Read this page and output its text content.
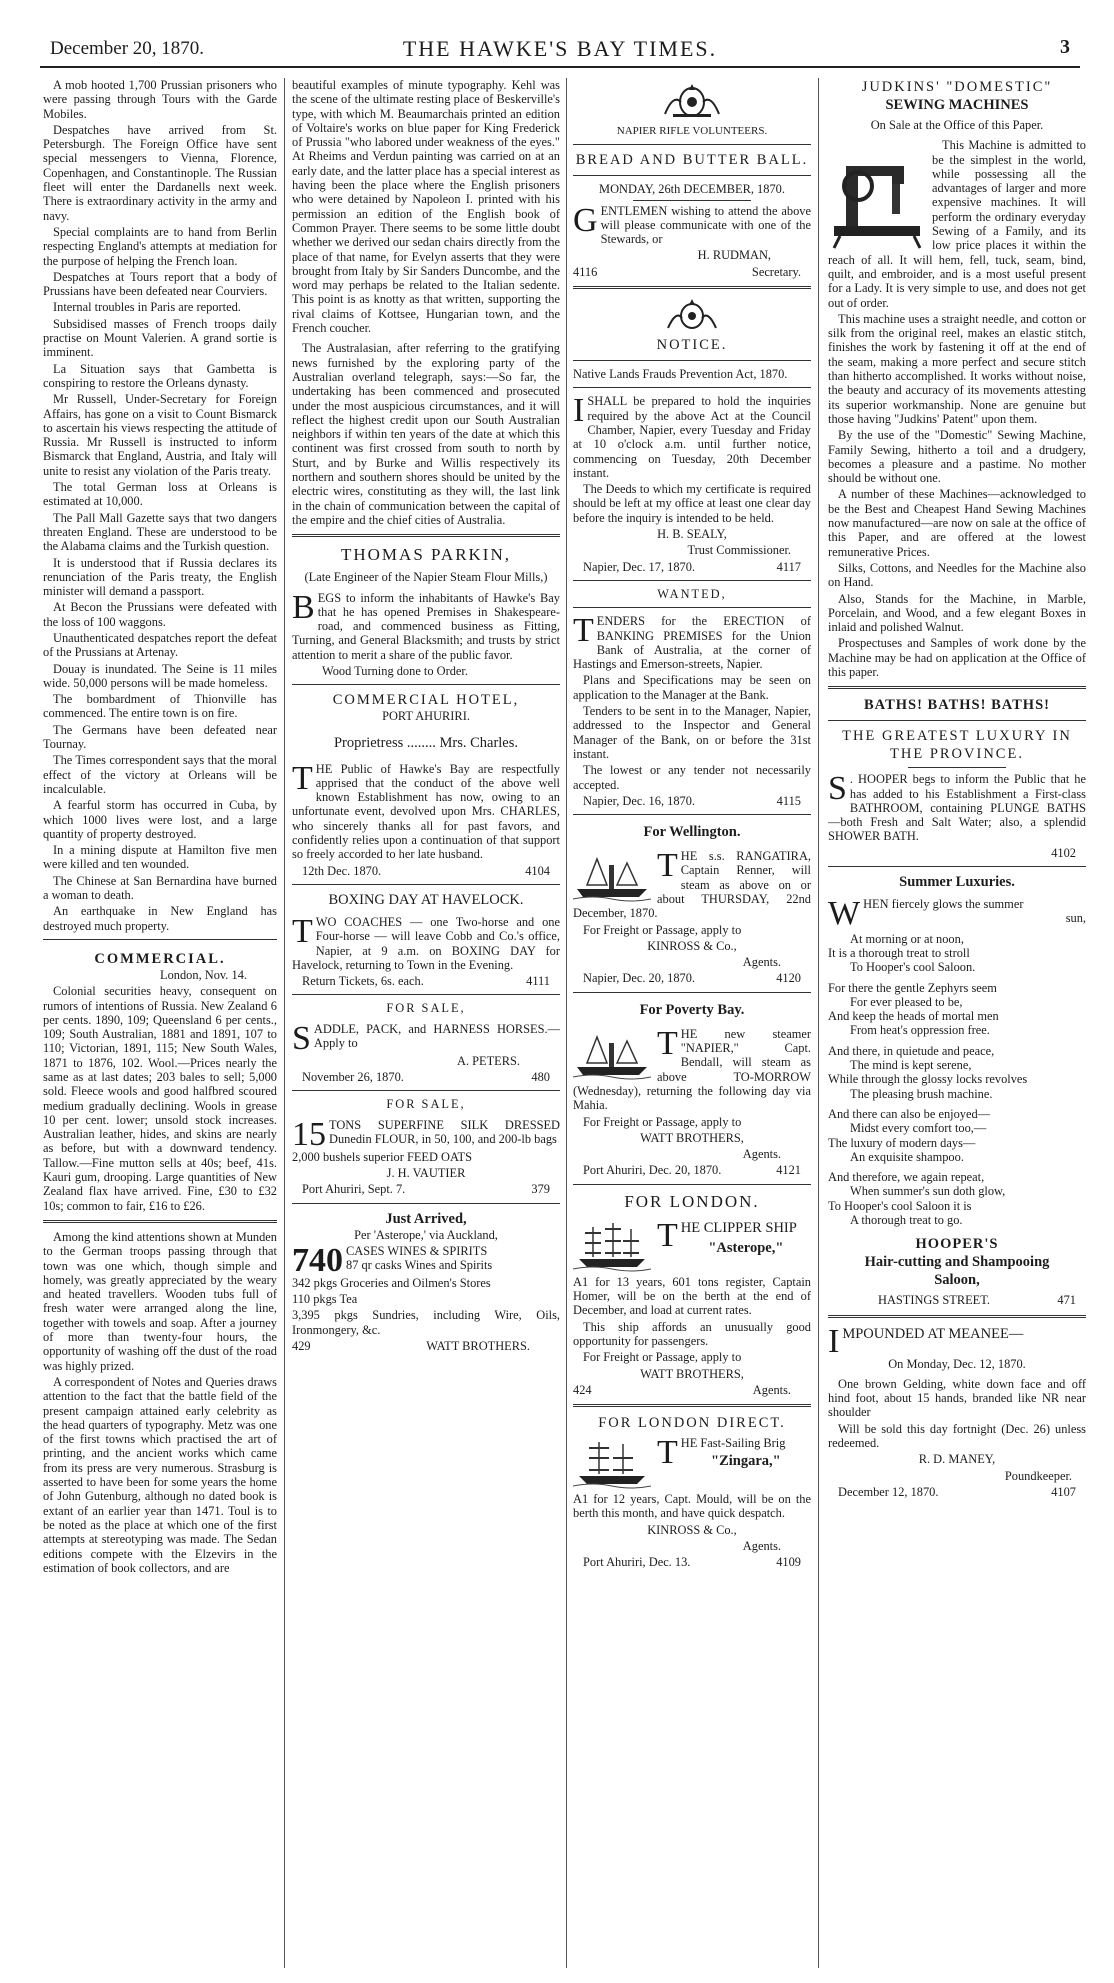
December 20, 1870.	THE HAWKE'S BAY TIMES.	3

A mob hooted 1,700 Prussian prisoners who were passing through Tours with the Garde Mobiles.

Despatches have arrived from St. Petersburgh. The Foreign Office have sent special messengers to Vienna, Florence, Copenhagen, and Constantinople. The Russian fleet will enter the Dardanells next week. There is extraordinary activity in the army and navy.

Special complaints are to hand from Berlin respecting England's attempts at mediation for the purpose of helping the French loan.

Despatches at Tours report that a body of Prussians have been defeated near Courviers.

Internal troubles in Paris are reported.

Subsidised masses of French troops daily practise on Mount Valerien. A grand sortie is imminent.

La Situation says that Gambetta is conspiring to restore the Orleans dynasty.

Mr Russell, Under-Secretary for Foreign Affairs, has gone on a visit to Count Bismarck to ascertain his views respecting the attitude of Russia. Mr Russell is instructed to inform Bismarck that England, Austria, and Italy will unite to resist any violation of the Paris treaty.

The total German loss at Orleans is estimated at 10,000.

The Pall Mall Gazette says that two dangers threaten England. These are understood to be the Alabama claims and the Turkish question.

It is understood that if Russia declares its renunciation of the Paris treaty, the English minister will demand a passport.

At Becon the Prussians were defeated with the loss of 100 waggons.

Unauthenticated despatches report the defeat of the Prussians at Artenay.

Douay is inundated. The Seine is 11 miles wide. 50,000 persons will be made homeless.

The bombardment of Thionville has commenced. The entire town is on fire.

The Germans have been defeated near Tournay.

The Times correspondent says that the moral effect of the victory at Orleans will be incalculable.

A fearful storm has occurred in Cuba, by which 1000 lives were lost, and a large quantity of property destroyed.

In a mining dispute at Hamilton five men were killed and ten wounded.

The Chinese at San Bernardina have burned a woman to death.

An earthquake in New England has destroyed much property.

COMMERCIAL.

London, Nov. 14.

Colonial securities heavy, consequent on rumors of intentions of Russia. New Zealand 6 per cents. 1890, 109; Queensland 6 per cents., 109; South Australian, 1881 and 1891, 107 to 110; Victorian, 1891, 115; New South Wales, 1871 to 1876, 102. Wool.—Prices nearly the same as at last dates; 203 bales to sell; 5,000 sold. Fleece wools and good halfbred scoured medium gradually declining. Wools in grease 10 per cent. lower; unsold stock increases. Australian leather, hides, and skins are nearly as before, but with a downward tendency. Tallow.—Fine mutton sells at 40s; beef, 41s. Kauri gum, drooping. Large quantities of New Zealand flax have arrived. Fine, £30 to £32 10s; common to fair, £16 to £26.

Among the kind attentions shown at Munden to the German troops passing through that town was one which, though simple and homely, was greatly appreciated by the weary and heated travellers. Wooden tubs full of fresh water were arranged along the line, together with towels and soap. After a journey of more than twenty-four hours, the opportunity of washing off the dust of the road was highly prized.

A correspondent of Notes and Queries draws attention to the fact that the battle field of the present campaign attained early celebrity as the head quarters of typography. Metz was one of the first towns which practised the art of printing, and the ancient works which came from its press are very numerous. Strasburg is asserted to have been for some years the home of John Gutenburg, although no dated book is extant of an earlier year than 1471. Toul is to be noted as the place at which one of the first attempts at stereotyping was made. The Sedan editions compete with the Elzevirs in the estimation of book collectors, and are

beautiful examples of minute typography. Kehl was the scene of the ultimate resting place of Beskerville's type, with which M. Beaumarchais printed an edition of Voltaire's works on blue paper for King Frederick of Prussia "who labored under weakness of the eyes." At Rheims and Verdun painting was carried on at an early date, and the latter place has a special interest as having been the place where the English prisoners who were detained by Napoleon I. printed with his permission an edition of the English book of Common Prayer. There seems to be some little doubt whether we derived our sedan chairs directly from the place of that name, for Evelyn asserts that they were brought from Italy by Sir Sanders Duncombe, and the word may perhaps be related to the Italian sedente. This point is as knotty as that written, supporting the rival claims of Kottsee, Hungarian town, and the French coucher.

The Australasian, after referring to the gratifying news furnished by the exploring party of the Australian overland telegraph, says:—So far, the undertaking has been commenced and prosecuted under the most auspicious circumstances, and it will reflect the highest credit upon our South Australian neighbors if within ten years of the date at which this continent was first crossed from south to north by Sturt, and by Burke and Willis respectively its northern and southern shores should be united by the electric wires, constituting as they will, the last link in the chain of communication between the capital of the empire and the chief cities of Australia.

THOMAS PARKIN,

(Late Engineer of the Napier Steam Flour Mills,)

BEGS to inform the inhabitants of Hawke's Bay that he has opened Premises in Shakespeare-road, and commenced business as Fitting, Turning, and General Blacksmith; and trusts by strict attention to merit a share of the public favor.

Wood Turning done to Order.

COMMERCIAL HOTEL,

PORT AHURIRI.

Proprietress ........ Mrs. Charles.

THE Public of Hawke's Bay are respectfully apprised that the conduct of the above well known Establishment has now, owing to an unfortunate event, devolved upon Mrs. CHARLES, who sincerely thanks all for past favors, and confidently relies upon a continuation of that support so freely accorded to her late husband.

12th Dec. 1870.	4104
BOXING DAY AT HAVELOCK.

TWO COACHES — one Two-horse and one Four-horse — will leave Cobb and Co.'s office, Napier, at 9 a.m. on BOXING DAY for Havelock, returning to Town in the Evening.

Return Tickets, 6s. each.	4111
FOR SALE,

SADDLE, PACK, and HARNESS HORSES.—Apply to

A. PETERS.

November 26, 1870.	480
FOR SALE,

15 TONS SUPERFINE SILK DRESSED Dunedin FLOUR, in 50, 100, and 200-lb bags

2,000 bushels superior FEED OATS

J. H. VAUTIER

Port Ahuriri, Sept. 7.	379
Just Arrived,

Per 'Asterope,' via Auckland,

740 CASES WINES & SPIRITS
87 qr casks Wines and Spirits

342 pkgs Groceries and Oilmen's Stores

110 pkgs Tea

3,395 pkgs Sundries, including Wire, Oils, Ironmongery, &c.

429	WATT BROTHERS.

NAPIER RIFLE VOLUNTEERS.

BREAD AND BUTTER BALL.

MONDAY, 26th DECEMBER, 1870.

GENTLEMEN wishing to attend the above will please communicate with one of the Stewards, or

H. RUDMAN,

4116	Secretary.
NOTICE.

Native Lands Frauds Prevention Act, 1870.

ISHALL be prepared to hold the inquiries required by the above Act at the Council Chamber, Napier, every Tuesday and Friday at 10 o'clock a.m. until further notice, commencing on Tuesday, 20th December instant.

The Deeds to which my certificate is required should be left at my office at least one clear day before the inquiry is intended to be held.

H. B. SEALY,

Trust Commissioner.

Napier, Dec. 17, 1870.	4117
WANTED,

TENDERS for the ERECTION of BANKING PREMISES for the Union Bank of Australia, at the corner of Hastings and Emerson-streets, Napier.

Plans and Specifications may be seen on application to the Manager at the Bank.

Tenders to be sent in to the Manager, Napier, addressed to the Inspector and General Manager of the Bank, on or before the 31st instant.

The lowest or any tender not necessarily accepted.

Napier, Dec. 16, 1870.	4115
For Wellington.

THE s.s. RANGATIRA, Captain Renner, will steam as above on or about THURSDAY, 22nd December, 1870.

For Freight or Passage, apply to

KINROSS & Co.,

Agents.

Napier, Dec. 20, 1870.	4120
For Poverty Bay.

THE new steamer "NAPIER," Capt. Bendall, will steam as above TO-MORROW (Wednesday), returning the following day via Mahia.

For Freight or Passage, apply to

WATT BROTHERS,

Agents.

Port Ahuriri, Dec. 20, 1870.	4121
FOR LONDON.

THE CLIPPER SHIP

"Asterope,"

A1 for 13 years, 601 tons register, Captain Homer, will be on the berth at the end of December, and load at current rates.

This ship affords an unusually good opportunity for passengers.

For Freight or Passage, apply to

WATT BROTHERS,

424	Agents.
FOR LONDON DIRECT.

THE Fast-Sailing Brig

"Zingara,"

A1 for 12 years, Capt. Mould, will be on the berth this month, and have quick despatch.

KINROSS & Co.,

Agents.

Port Ahuriri, Dec. 13.	4109
JUDKINS' "DOMESTIC"
SEWING MACHINES

On Sale at the Office of this Paper.

This Machine is admitted to be the simplest in the world, while possessing all the advantages of larger and more expensive machines. It will perform the ordinary everyday Sewing of a Family, and its low price places it within the reach of all. It will hem, fell, tuck, seam, bind, quilt, and embroider, and is a most useful present for a Lady. It is very simple to use, and does not get out of order.

This machine uses a straight needle, and cotton or silk from the original reel, makes an elastic stitch, finishes the work by fastening it off at the end of the seam, making a more perfect and secure stitch than hitherto accomplished. It works without noise, the beauty and accuracy of its movements attesting its superior workmanship. None are genuine but those having "Judkins' Patent" upon them.

By the use of the "Domestic" Sewing Machine, Family Sewing, hitherto a toil and a drudgery, becomes a pleasure and a pastime. No mother should be without one.

A number of these Machines—acknowledged to be the Best and Cheapest Hand Sewing Machines now manufactured—are now on sale at the office of this Paper, and are offered at the lowest remunerative Prices.

Silks, Cottons, and Needles for the Machine also on Hand.

Also, Stands for the Machine, in Marble, Porcelain, and Wood, and a few elegant Boxes in inlaid and polished Walnut.

Prospectuses and Samples of work done by the Machine may be had on application at the Office of this paper.

BATHS! BATHS! BATHS!
THE GREATEST LUXURY IN THE PROVINCE.

S . HOOPER begs to inform the Public that he has added to his Establishment a First-class BATHROOM, containing PLUNGE BATHS —both Fresh and Salt Water; also, a splendid SHOWER BATH.

4102

Summer Luxuries.

WHEN fiercely glows the summer

sun,

At morning or at noon,
It is a thorough treat to stroll
To Hooper's cool Saloon.
For there the gentle Zephyrs seem
For ever pleased to be,
And keep the heads of mortal men
From heat's oppression free.
And there, in quietude and peace,
The mind is kept serene,
While through the glossy locks revolves
The pleasing brush machine.
And there can also be enjoyed—
Midst every comfort too,—
The luxury of modern days—
An exquisite shampoo.
And therefore, we again repeat,
When summer's sun doth glow,
To Hooper's cool Saloon it is
A thorough treat to go.
HOOPER'S
Hair-cutting and Shampooing Saloon,
HASTINGS STREET.	471

IMPOUNDED AT MEANEE—

On Monday, Dec. 12, 1870.

One brown Gelding, white down face and off hind foot, about 15 hands, branded like NR near shoulder

Will be sold this day fortnight (Dec. 26) unless redeemed.

R. D. MANEY,

Poundkeeper.

December 12, 1870.	4107
